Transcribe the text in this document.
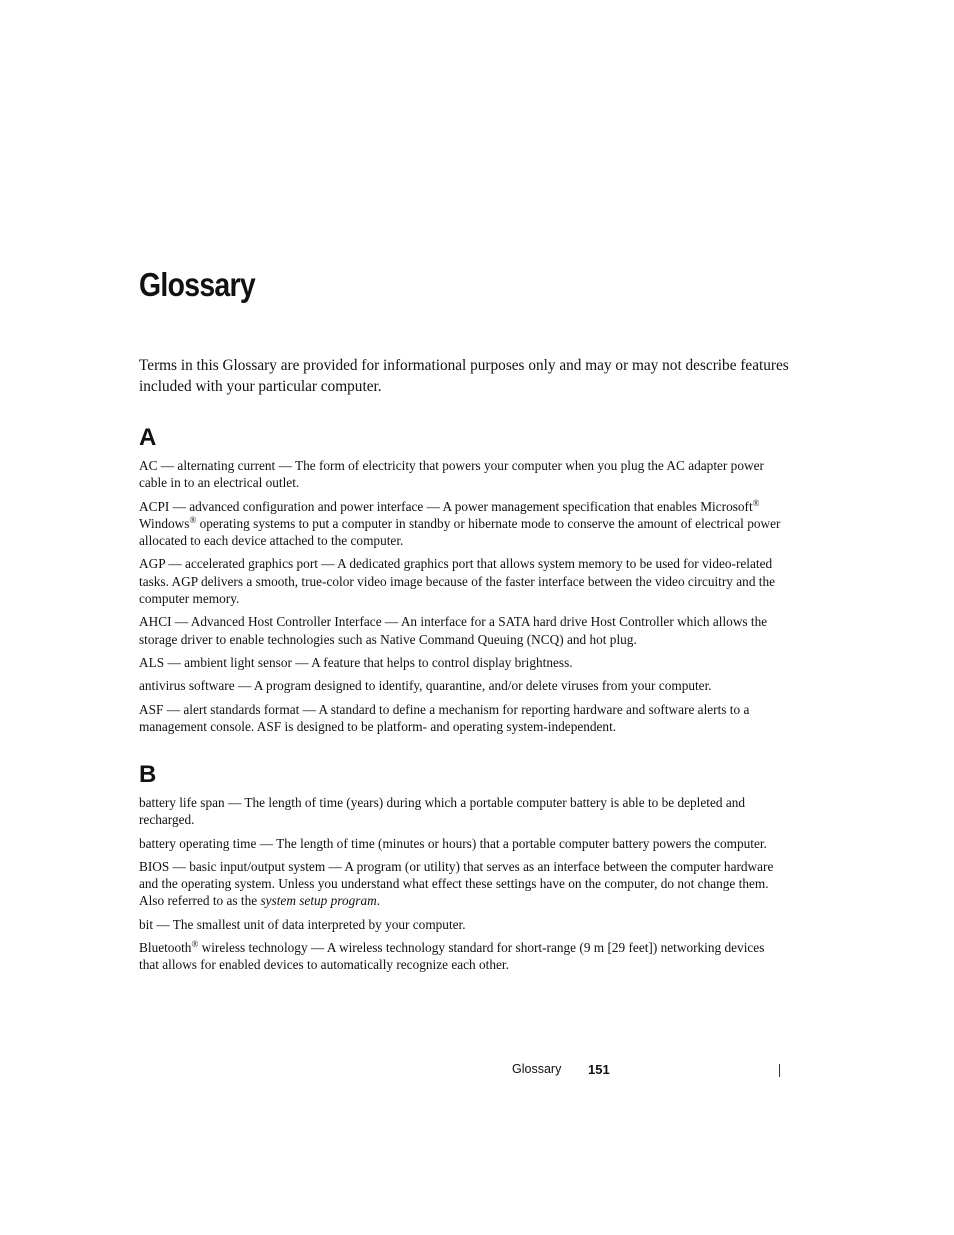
Glossary

Terms in this Glossary are provided for informational purposes only and may or may not describe features included with your particular computer.

A

AC — alternating current — The form of electricity that powers your computer when you plug the AC adapter power cable in to an electrical outlet.

ACPI — advanced configuration and power interface — A power management specification that enables Microsoft® Windows® operating systems to put a computer in standby or hibernate mode to conserve the amount of electrical power allocated to each device attached to the computer.

AGP — accelerated graphics port — A dedicated graphics port that allows system memory to be used for video-related tasks. AGP delivers a smooth, true-color video image because of the faster interface between the video circuitry and the computer memory.

AHCI — Advanced Host Controller Interface — An interface for a SATA hard drive Host Controller which allows the storage driver to enable technologies such as Native Command Queuing (NCQ) and hot plug.

ALS — ambient light sensor — A feature that helps to control display brightness.

antivirus software — A program designed to identify, quarantine, and/or delete viruses from your computer.

ASF — alert standards format — A standard to define a mechanism for reporting hardware and software alerts to a management console. ASF is designed to be platform- and operating system-independent.

B

battery life span — The length of time (years) during which a portable computer battery is able to be depleted and recharged.

battery operating time — The length of time (minutes or hours) that a portable computer battery powers the computer.

BIOS — basic input/output system — A program (or utility) that serves as an interface between the computer hardware and the operating system. Unless you understand what effect these settings have on the computer, do not change them. Also referred to as the system setup program.

bit — The smallest unit of data interpreted by your computer.

Bluetooth® wireless technology — A wireless technology standard for short-range (9 m [29 feet]) networking devices that allows for enabled devices to automatically recognize each other.

Glossary 151
